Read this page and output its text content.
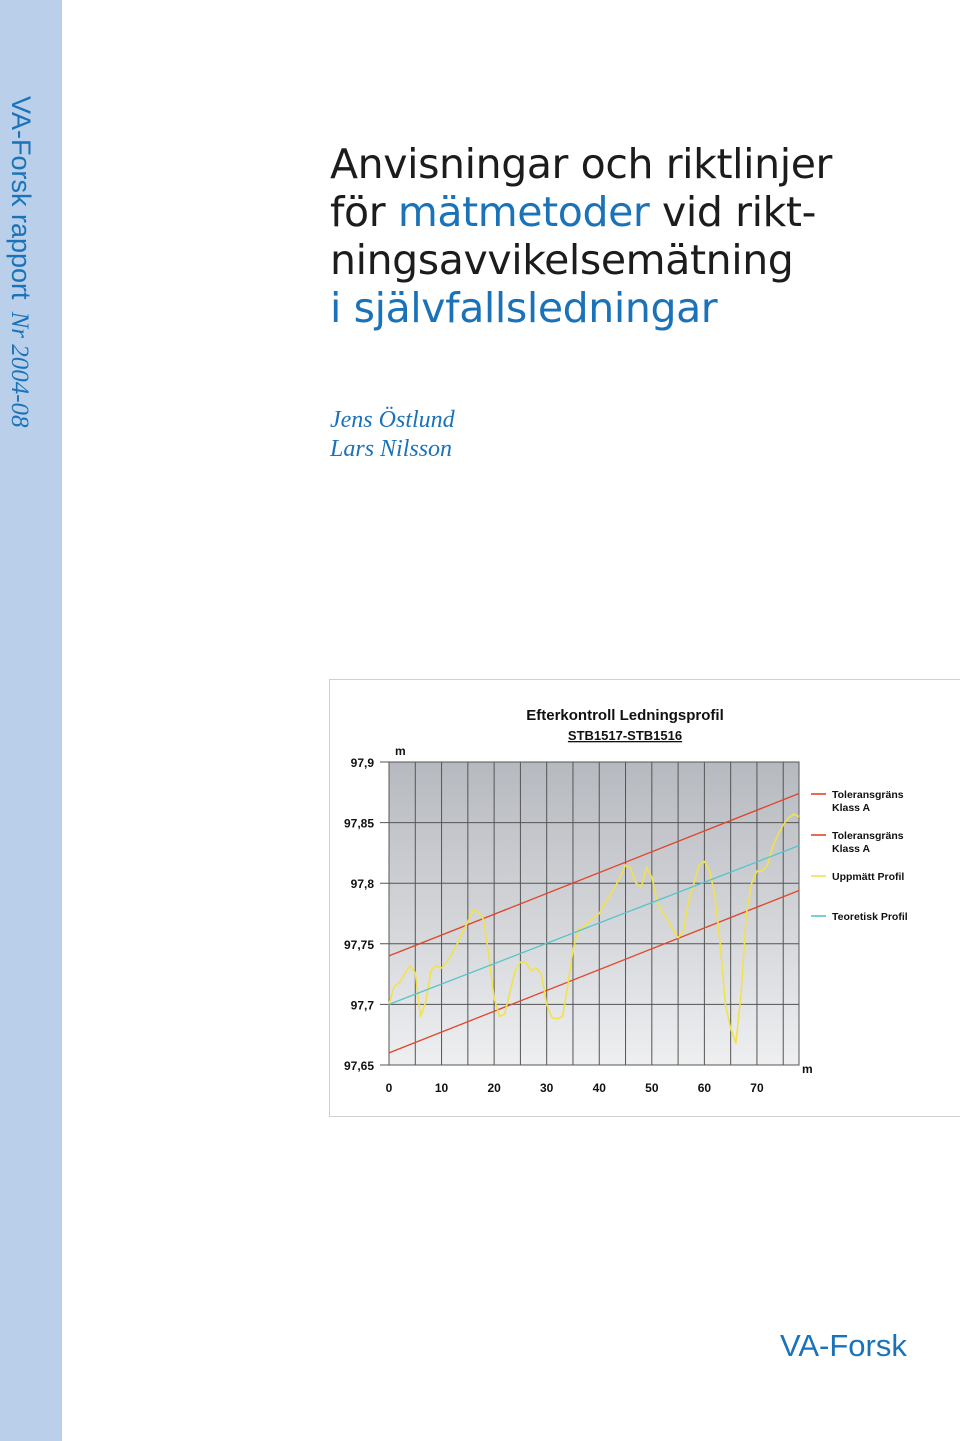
VA-Forsk rapportNr 2004-08
Anvisningar och riktlinjer
för mätmetoder vid rikt-
ningsavvikelsemätning
i självfallsledningar
Jens Östlund
Lars Nilsson
Efterkontroll Ledningsprofil
STB1517-STB1516
97,9
97,85
97,8
97,75
97,7
97,65
0	10	20	30	40	50	60	70
m
m
Toleransgräns
Klass A
Toleransgräns
Klass A
Uppmätt Profil
Teoretisk Profil
VA-Forsk
